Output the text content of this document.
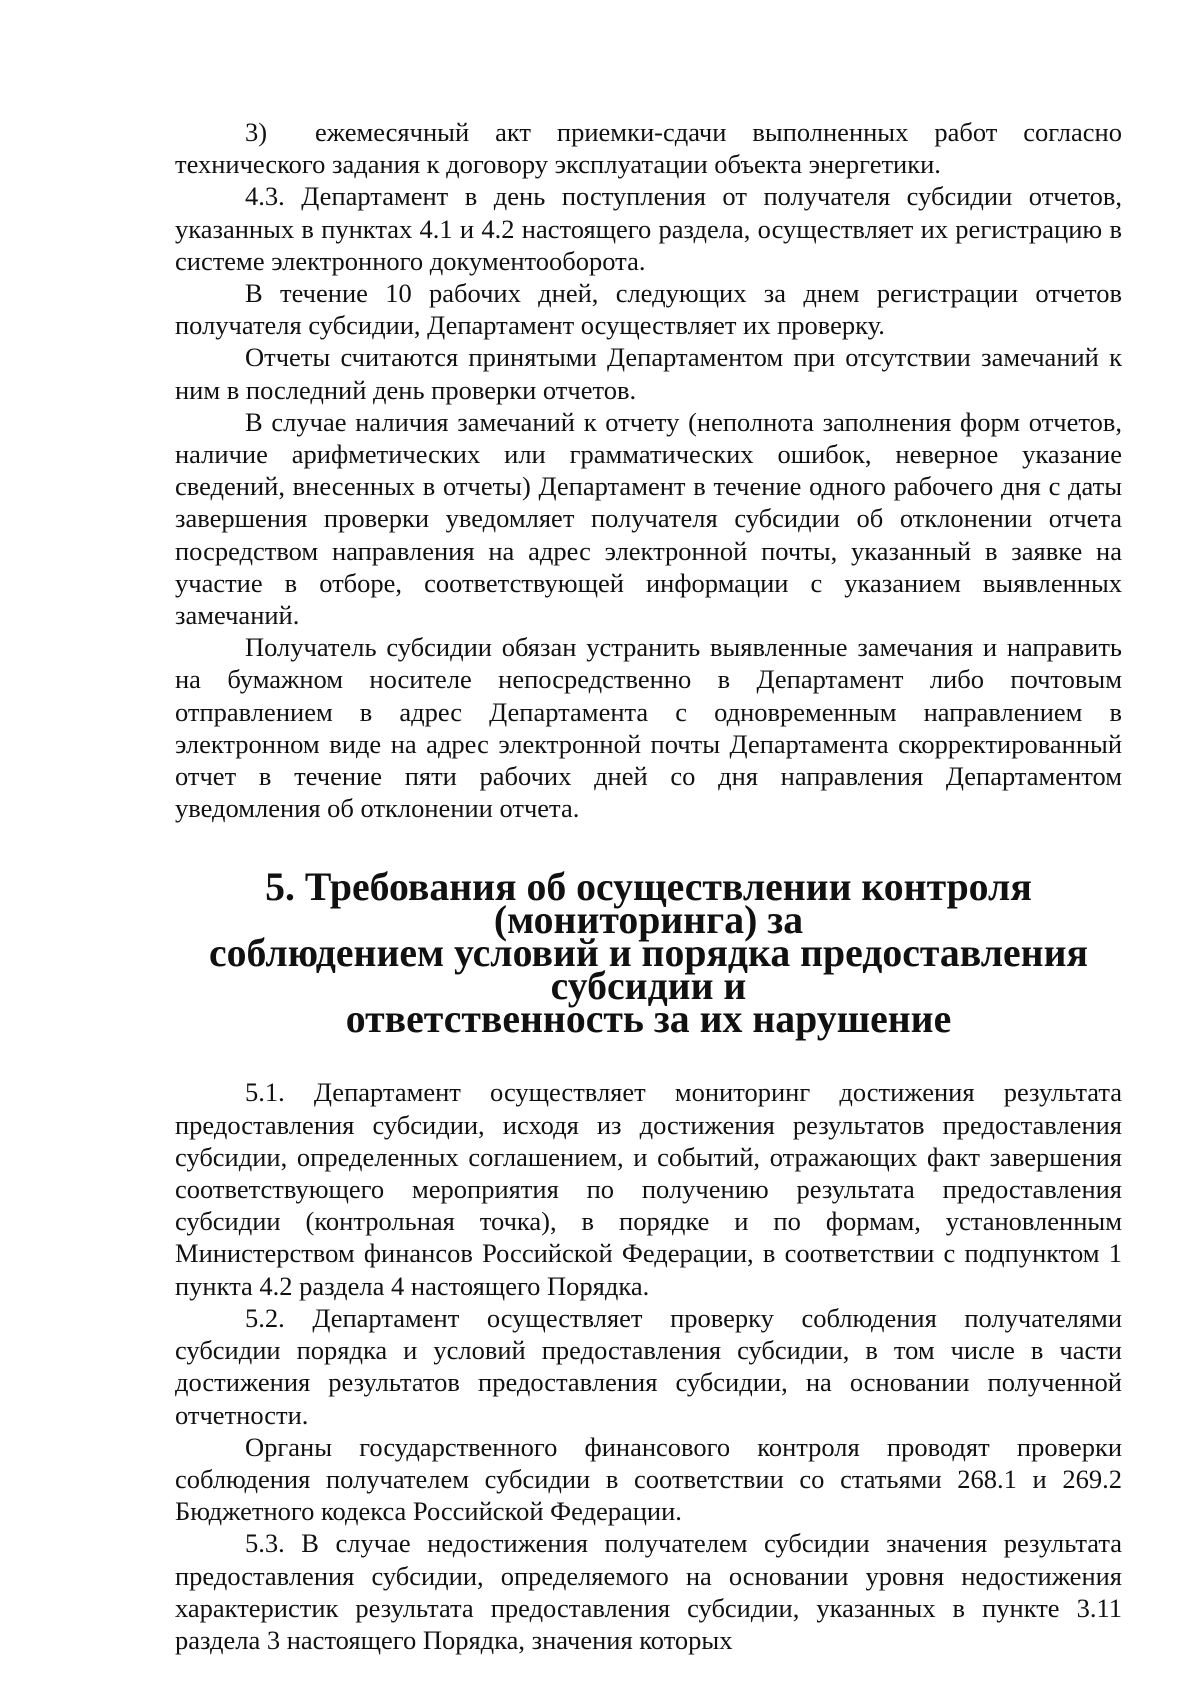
3) ежемесячный акт приемки-сдачи выполненных работ согласно технического задания к договору эксплуатации объекта энергетики.

4.3. Департамент в день поступления от получателя субсидии отчетов, указанных в пунктах 4.1 и 4.2 настоящего раздела, осуществляет их регистрацию в системе электронного документооборота.

В течение 10 рабочих дней, следующих за днем регистрации отчетов получателя субсидии, Департамент осуществляет их проверку.

Отчеты считаются принятыми Департаментом при отсутствии замечаний к ним в последний день проверки отчетов.

В случае наличия замечаний к отчету (неполнота заполнения форм отчетов, наличие арифметических или грамматических ошибок, неверное указание сведений, внесенных в отчеты) Департамент в течение одного рабочего дня с даты завершения проверки уведомляет получателя субсидии об отклонении отчета посредством направления на адрес электронной почты, указанный в заявке на участие в отборе, соответствующей информации с указанием выявленных замечаний.

Получатель субсидии обязан устранить выявленные замечания и направить на бумажном носителе непосредственно в Департамент либо почтовым отправлением в адрес Департамента с одновременным направлением в электронном виде на адрес электронной почты Департамента скорректированный отчет в течение пяти рабочих дней со дня направления Департаментом уведомления об отклонении отчета.

5. Требования об осуществлении контроля (мониторинга) за
соблюдением условий и порядка предоставления субсидии и
ответственность за их нарушение

5.1. Департамент осуществляет мониторинг достижения результата предоставления субсидии, исходя из достижения результатов предоставления субсидии, определенных соглашением, и событий, отражающих факт завершения соответствующего мероприятия по получению результата предоставления субсидии (контрольная точка), в порядке и по формам, установленным Министерством финансов Российской Федерации, в соответствии с подпунктом 1 пункта 4.2 раздела 4 настоящего Порядка.

5.2. Департамент осуществляет проверку соблюдения получателями субсидии порядка и условий предоставления субсидии, в том числе в части достижения результатов предоставления субсидии, на основании полученной отчетности.

Органы государственного финансового контроля проводят проверки соблюдения получателем субсидии в соответствии со статьями 268.1 и 269.2 Бюджетного кодекса Российской Федерации.

5.3. В случае недостижения получателем субсидии значения результата предоставления субсидии, определяемого на основании уровня недостижения характеристик результата предоставления субсидии, указанных в пункте 3.11 раздела 3 настоящего Порядка, значения которых
